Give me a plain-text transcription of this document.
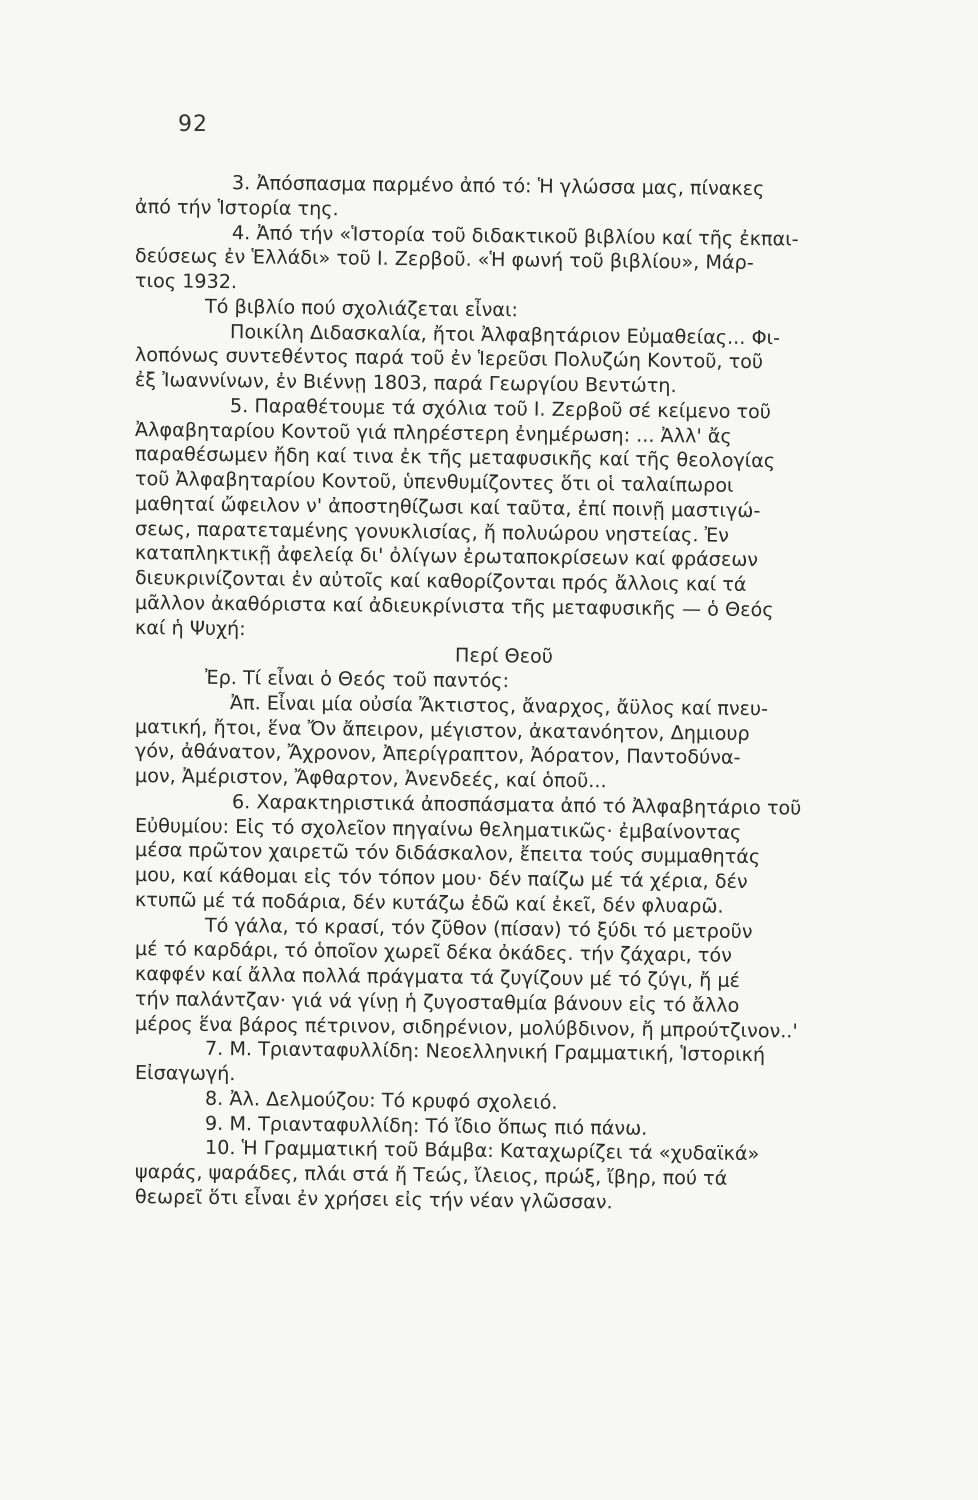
92
3. Ἀπόσπασμα παρμένο ἀπό τό: Ἡ γλώσσα μας, πίνακες
ἀπό τήν Ἱστορία της.
4. Ἀπό τήν «Ἱστορία τοῦ διδακτικοῦ βιβλίου καί τῆς ἐκπαι-
δεύσεως ἐν Ἑλλάδι» τοῦ Ι. Ζερβοῦ. «Ἡ φωνή τοῦ βιβλίου», Μάρ-
τιος 1932.
Τό βιβλίο πού σχολιάζεται εἶναι:
Ποικίλη Διδασκαλία, ἤτοι Ἀλφαβητάριον Εὐμαθείας... Φι-
λοπόνως συντεθέντος παρά τοῦ ἐν Ἱερεῦσι Πολυζώη Κοντοῦ, τοῦ
ἐξ Ἰωαννίνων, ἐν Βιέννῃ 1803, παρά Γεωργίου Βεντώτη.
5. Παραθέτουμε τά σχόλια τοῦ Ι. Ζερβοῦ σέ κείμενο τοῦ
Ἀλφαβηταρίου Κοντοῦ γιά πληρέστερη ἐνημέρωση: ... Ἀλλ' ἄς
παραθέσωμεν ἤδη καί τινα ἐκ τῆς μεταφυσικῆς καί τῆς θεολογίας
τοῦ Ἀλφαβηταρίου Κοντοῦ, ὑπενθυμίζοντες ὅτι οἱ ταλαίπωροι
μαθηταί ὤφειλον ν' ἀποστηθίζωσι καί ταῦτα, ἐπί ποινῇ μαστιγώ-
σεως, παρατεταμένης γονυκλισίας, ἤ πολυώρου νηστείας. Ἐν
καταπληκτικῇ ἀφελείᾳ δι' ὀλίγων ἐρωταποκρίσεων καί φράσεων
διευκρινίζονται ἐν αὐτοῖς καί καθορίζονται πρός ἄλλοις καί τά
μᾶλλον ἀκαθόριστα καί ἀδιευκρίνιστα τῆς μεταφυσικῆς — ὁ Θεός
καί ἡ Ψυχή:
Περί Θεοῦ
Ἐρ. Τί εἶναι ὁ Θεός τοῦ παντός:
Ἀπ. Εἶναι μία οὐσία Ἄκτιστος, ἄναρχος, ἄϋλος καί πνευ-
ματική, ἤτοι, ἕνα Ὄν ἄπειρον, μέγιστον, ἀκατανόητον, Δημιουρ
γόν, ἀθάνατον, Ἄχρονον, Ἀπερίγραπτον, Ἀόρατον, Παντοδύνα-
μον, Ἀμέριστον, Ἄφθαρτον, Ἀνενδεές, καί ὁποῦ...
6. Χαρακτηριστικά ἀποσπάσματα ἀπό τό Ἀλφαβητάριο τοῦ
Εὐθυμίου: Εἰς τό σχολεῖον πηγαίνω θεληματικῶς· ἐμβαίνοντας
μέσα πρῶτον χαιρετῶ τόν διδάσκαλον, ἔπειτα τούς συμμαθητάς
μου, καί κάθομαι εἰς τόν τόπον μου· δέν παίζω μέ τά χέρια, δέν
κτυπῶ μέ τά ποδάρια, δέν κυτάζω ἐδῶ καί ἐκεῖ, δέν φλυαρῶ.
Τό γάλα, τό κρασί, τόν ζῦθον (πίσαν) τό ξύδι τό μετροῦν
μέ τό καρδάρι, τό ὁποῖον χωρεῖ δέκα ὀκάδες. τήν ζάχαρι, τόν
καφφέν καί ἄλλα πολλά πράγματα τά ζυγίζουν μέ τό ζύγι, ἤ μέ
τήν παλάντζαν· γιά νά γίνῃ ἡ ζυγοσταθμία βάνουν εἰς τό ἄλλο
μέρος ἕνα βάρος πέτρινον, σιδηρένιον, μολύβδινον, ἤ μπρούτζινον..'
7. Μ. Τριανταφυλλίδη: Νεοελληνική Γραμματική, Ἱστορική
Εἰσαγωγή.
8. Ἀλ. Δελμούζου: Τό κρυφό σχολειό.
9. Μ. Τριανταφυλλίδη: Τό ἴδιο ὅπως πιό πάνω.
10. Ἡ Γραμματική τοῦ Βάμβα: Καταχωρίζει τά «χυδαϊκά»
ψαράς, ψαράδες, πλάι στά ἤ Τεώς, ἴλειος, πρώξ, ἴβηρ, πού τά
θεωρεῖ ὅτι εἶναι ἐν χρήσει εἰς τήν νέαν γλῶσσαν.
